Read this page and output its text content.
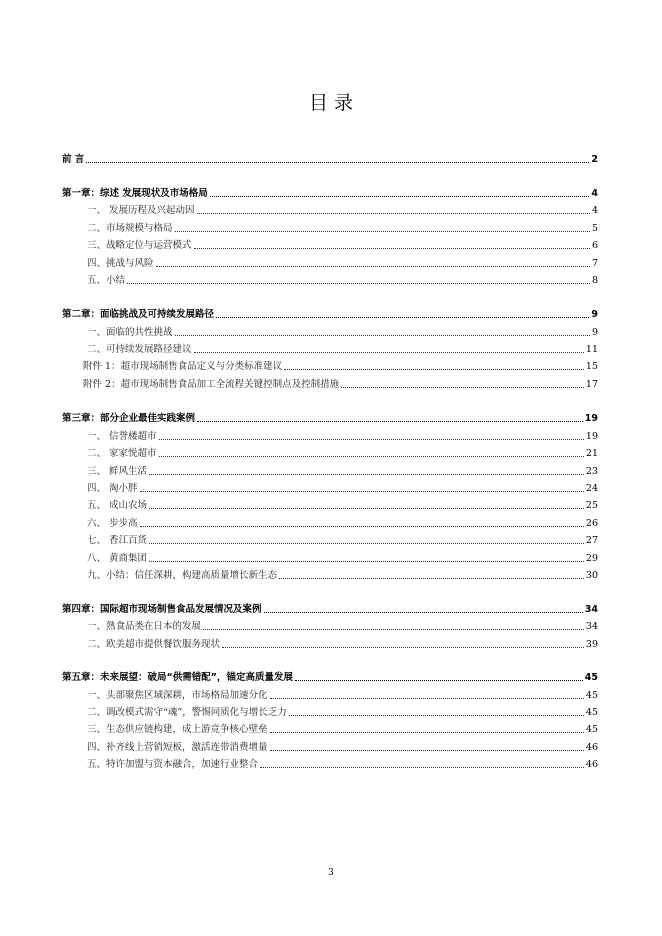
目 录
前 言	2
第一章：综述 发展现状及市场格局	4
一、 发展历程及兴起动因	4
二、市场规模与格局	5
三、战略定位与运营模式	6
四、挑战与风险	7
五、小结	8
第二章：面临挑战及可持续发展路径	9
一、面临的共性挑战	9
二、可持续发展路径建议	11
附件 1：超市现场制售食品定义与分类标准建议	15
附件 2：超市现场制售食品加工全流程关键控制点及控制措施	17
第三章：部分企业最佳实践案例	19
一、 信誉楼超市	19
二、 家家悦超市	21
三、 鲜风生活	23
四、 淘小胖	24
五、 成山农场	25
六、 步步高	26
七、 香江百货	27
八、 黄商集团	29
九、小结：信任深耕，构建高质量增长新生态	30
第四章：国际超市现场制售食品发展情况及案例	34
一、熟食品类在日本的发展	34
二、欧美超市提供餐饮服务现状	39
第五章：未来展望：破局“供需错配”，锚定高质量发展	45
一、头部聚焦区域深耕，市场格局加速分化	45
二、调改模式需守“魂”，警惕同质化与增长乏力	45
三、生态供应链构建，成上游竞争核心壁垒	45
四、补齐线上营销短板，激活连带消费增量	46
五、特许加盟与资本融合，加速行业整合	46
3
